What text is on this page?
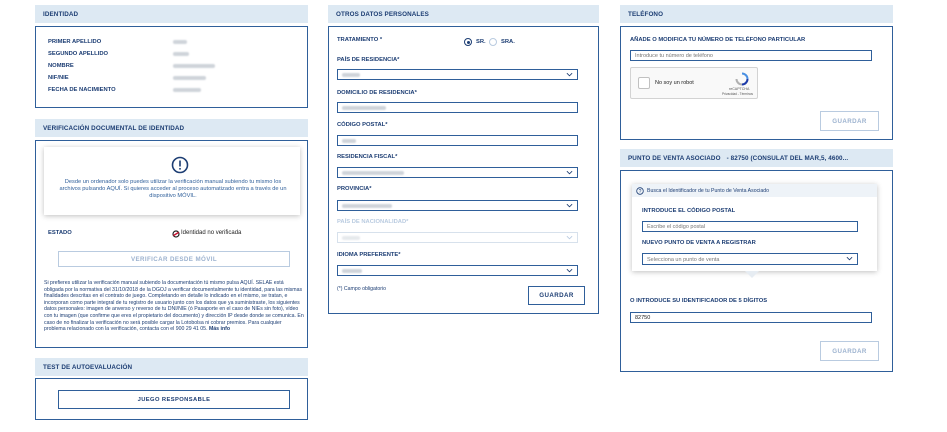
IDENTIDAD
PRIMER APELLIDO
SEGUNDO APELLIDO
NOMBRE
NIF/NIE
FECHA DE NACIMIENTO
VERIFICACIÓN DOCUMENTAL DE IDENTIDAD
Desde un ordenador solo puedes utilizar la verificación manual subiendo tu mismo los archivos pulsando AQUÍ. Si quieres acceder al proceso automatizado entra a través de un dispositivo MÓVIL.
ESTADO	Identidad no verificada
VERIFICAR DESDE MÓVIL
Si prefieres utilizar la verificación manual subiendo la documentación tú mismo pulsa AQUÍ. SELAE está obligada por la normativa del 31/10/2018 de la DGOJ a verificar documentalmente tu identidad, para las mismas finalidades descritas en el contrato de juego. Completando en detalle lo indicado en el mismo, se tratan, e incorporan como parte integral de tu registro de usuario junto con los datos que ya suministraste, los siguientes datos personales: imagen de anverso y reverso de tu DNI/NIE (ó Pasaporte en el caso de NIEs sin foto), vídeo con tu imagen (que confirme que eres el propietario del documento) y dirección IP desde donde se comunica. En caso de no finalizar la verificación no será posible cargar la Lotobolsa ni cobrar premios. Para cualquier problema relacionado con la verificación, contacta con el 900 29 41 05. Más info
TEST DE AUTOEVALUACIÓN
JUEGO RESPONSABLE
OTROS DATOS PERSONALES
TRATAMIENTO *	SR.	SRA.
PAÍS DE RESIDENCIA*
DOMICILIO DE RESIDENCIA*
CÓDIGO POSTAL*
RESIDENCIA FISCAL*
PROVINCIA*
PAÍS DE NACIONALIDAD*
IDIOMA PREFERENTE*
(*) Campo obligatorio
GUARDAR
TELÉFONO
AÑADE O MODIFICA TU NÚMERO DE TELÉFONO PARTICULAR
Introduce tu número de teléfono
No soy un robot
reCAPTCHA
Privacidad - Términos
GUARDAR
PUNTO DE VENTA ASOCIADO - 82750 (CONSULAT DEL MAR,5, 4600...
? Busca el Identificador de tu Punto de Venta Asociado
INTRODUCE EL CÓDIGO POSTAL
Escribe el código postal
NUEVO PUNTO DE VENTA A REGISTRAR
Selecciona un punto de venta
O INTRODUCE SU IDENTIFICADOR DE 5 DÍGITOS
82750
GUARDAR
